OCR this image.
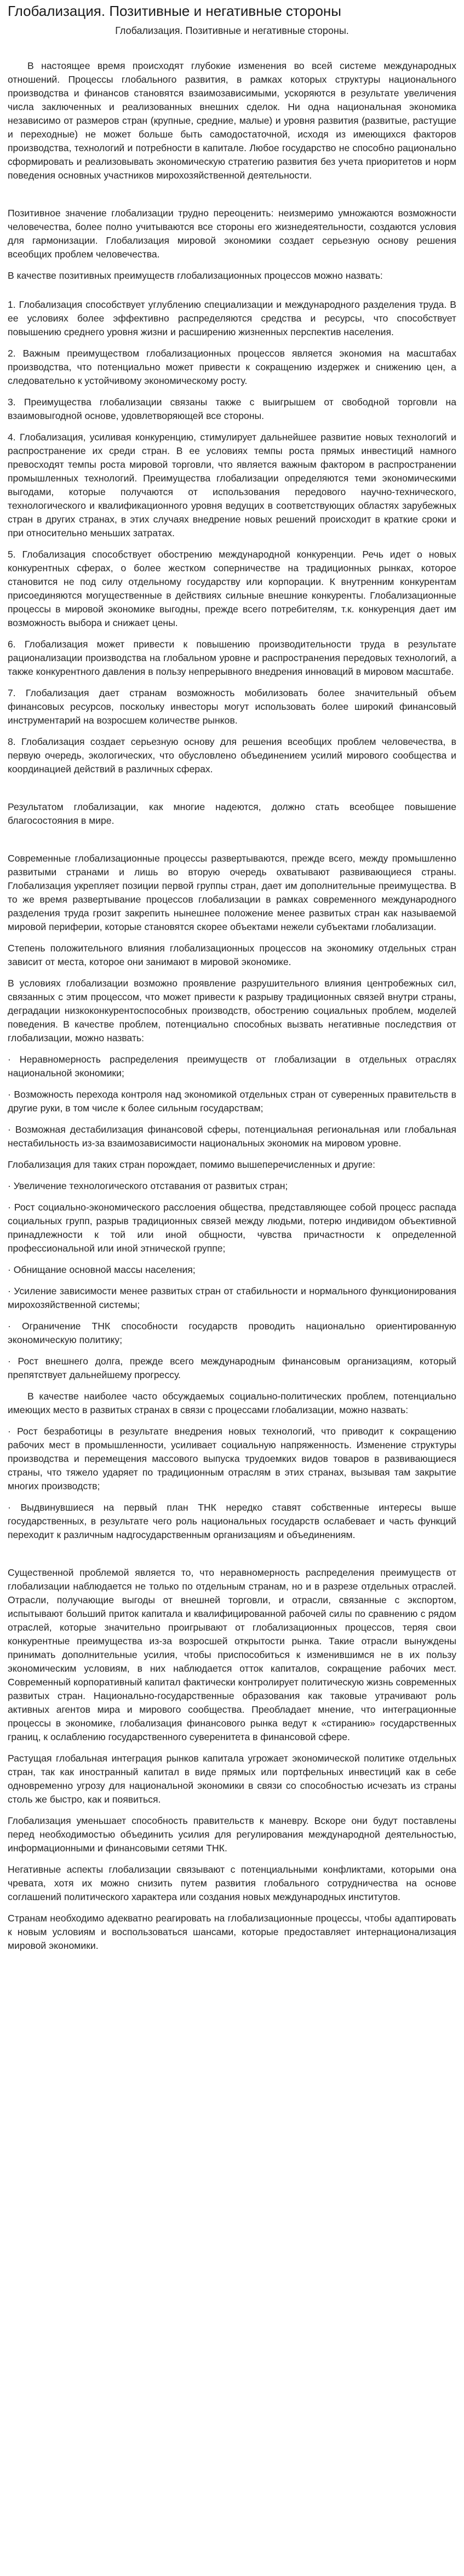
Глобализация. Позитивные и негативные стороны
Глобализация. Позитивные и негативные стороны.

В настоящее время происходят глубокие изменения во всей системе международных отношений. Процессы глобального развития, в рамках которых структуры национального производства и финансов становятся взаимозависимыми, ускоряются в результате увеличения числа заключенных и реализованных внешних сделок. Ни одна национальная экономика независимо от размеров стран (крупные, средние, малые) и уровня развития (развитые, растущие и переходные) не может больше быть самодостаточной, исходя из имеющихся факторов производства, технологий и потребности в капитале. Любое государство не способно рационально сформировать и реализовывать экономическую стратегию развития без учета приоритетов и норм поведения основных участников мирохозяйственной деятельности.

Позитивное значение глобализации трудно переоценить: неизмеримо умножаются возможности человечества, более полно учитываются все стороны его жизнедеятельности, создаются условия для гармонизации. Глобализация мировой экономики создает серьезную основу решения всеобщих проблем человечества.

В качестве позитивных преимуществ глобализационных процессов можно назвать:

1. Глобализация способствует углублению специализации и международного разделения труда. В ее условиях более эффективно распределяются средства и ресурсы, что способствует повышению среднего уровня жизни и расширению жизненных перспектив населения.

2. Важным преимуществом глобализационных процессов является экономия на масштабах производства, что потенциально может привести к сокращению издержек и снижению цен, а следовательно к устойчивому экономическому росту.

3. Преимущества глобализации связаны также с выигрышем от свободной торговли на взаимовыгодной основе, удовлетворяющей все стороны.

4. Глобализация, усиливая конкуренцию, стимулирует дальнейшее развитие новых технологий и распространение их среди стран. В ее условиях темпы роста прямых инвестиций намного превосходят темпы роста мировой торговли, что является важным фактором в распространении промышленных технологий. Преимущества глобализации определяются теми экономическими выгодами, которые получаются от использования передового научно-технического, технологического и квалификационного уровня ведущих в соответствующих областях зарубежных стран в других странах, в этих случаях внедрение новых решений происходит в краткие сроки и при относительно меньших затратах.

5. Глобализация способствует обострению международной конкуренции. Речь идет о новых конкурентных сферах, о более жестком соперничестве на традиционных рынках, которое становится не под силу отдельному государству или корпорации. К внутренним конкурентам присоединяются могущественные в действиях сильные внешние конкуренты. Глобализационные процессы в мировой экономике выгодны, прежде всего потребителям, т.к. конкуренция дает им возможность выбора и снижает цены.

6. Глобализация может привести к повышению производительности труда в результате рационализации производства на глобальном уровне и распространения передовых технологий, а также конкурентного давления в пользу непрерывного внедрения инноваций в мировом масштабе.

7. Глобализация дает странам возможность мобилизовать более значительный объем финансовых ресурсов, поскольку инвесторы могут использовать более широкий финансовый инструментарий на возросшем количестве рынков.

8. Глобализация создает серьезную основу для решения всеобщих проблем человечества, в первую очередь, экологических, что обусловлено объединением усилий мирового сообщества и координацией действий в различных сферах.

Результатом глобализации, как многие надеются, должно стать всеобщее повышение благосостояния в мире.

Современные глобализационные процессы развертываются, прежде всего, между промышленно развитыми странами и лишь во вторую очередь охватывают развивающиеся страны. Глобализация укрепляет позиции первой группы стран, дает им дополнительные преимущества. В то же время развертывание процессов глобализации в рамках современного международного разделения труда грозит закрепить нынешнее положение менее развитых стран как называемой мировой периферии, которые становятся скорее объектами нежели субъектами глобализации.

Степень положительного влияния глобализационных процессов на экономику отдельных стран зависит от места, которое они занимают в мировой экономике.

В условиях глобализации возможно проявление разрушительного влияния центробежных сил, связанных с этим процессом, что может привести к разрыву традиционных связей внутри страны, деградации низкоконкурентоспособных производств, обострению социальных проблем, моделей поведения. В качестве проблем, потенциально способных вызвать негативные последствия от глобализации, можно назвать:

· Неравномерность распределения преимуществ от глобализации в отдельных отраслях национальной экономики;

· Возможность перехода контроля над экономикой отдельных стран от суверенных правительств в другие руки, в том числе к более сильным государствам;

· Возможная дестабилизация финансовой сферы, потенциальная региональная или глобальная нестабильность из-за взаимозависимости национальных экономик на мировом уровне.

Глобализация для таких стран порождает, помимо вышеперечисленных и другие:

· Увеличение технологического отставания от развитых стран;

· Рост социально-экономического расслоения общества, представляющее собой процесс распада социальных групп, разрыв традиционных связей между людьми, потерю индивидом объективной принадлежности к той или иной общности, чувства причастности к определенной профессиональной или иной этнической группе;

· Обнищание основной массы населения;

· Усиление зависимости менее развитых стран от стабильности и нормального функционирования мирохозяйственной системы;

· Ограничение ТНК способности государств проводить национально ориентированную экономическую политику;

· Рост внешнего долга, прежде всего международным финансовым организациям, который препятствует дальнейшему прогрессу.

В качестве наиболее часто обсуждаемых социально-политических проблем, потенциально имеющих место в развитых странах в связи с процессами глобализации, можно назвать:

· Рост безработицы в результате внедрения новых технологий, что приводит к сокращению рабочих мест в промышленности, усиливает социальную напряженность. Изменение структуры производства и перемещения массового выпуска трудоемких видов товаров в развивающиеся страны, что тяжело ударяет по традиционным отраслям в этих странах, вызывая там закрытие многих производств;

· Выдвинувшиеся на первый план ТНК нередко ставят собственные интересы выше государственных, в результате чего роль национальных государств ослабевает и часть функций переходит к различным надгосударственным организациям и объединениям.

Существенной проблемой является то, что неравномерность распределения преимуществ от глобализации наблюдается не только по отдельным странам, но и в разрезе отдельных отраслей. Отрасли, получающие выгоды от внешней торговли, и отрасли, связанные с экспортом, испытывают больший приток капитала и квалифицированной рабочей силы по сравнению с рядом отраслей, которые значительно проигрывают от глобализационных процессов, теряя свои конкурентные преимущества из-за возросшей открытости рынка. Такие отрасли вынуждены принимать дополнительные усилия, чтобы приспособиться к изменившимся не в их пользу экономическим условиям, в них наблюдается отток капиталов, сокращение рабочих мест. Современный корпоративный капитал фактически контролирует политическую жизнь современных развитых стран. Национально-государственные образования как таковые утрачивают роль активных агентов мира и мирового сообщества. Преобладает мнение, что интеграционные процессы в экономике, глобализация финансового рынка ведут к «стиранию» государственных границ, к ослаблению государственного суверенитета в финансовой сфере.

Растущая глобальная интеграция рынков капитала угрожает экономической политике отдельных стран, так как иностранный капитал в виде прямых или портфельных инвестиций как в себе одновременно угрозу для национальной экономики в связи со способностью исчезать из страны столь же быстро, как и появиться.

Глобализация уменьшает способность правительств к маневру. Вскоре они будут поставлены перед необходимостью объединить усилия для регулирования международной деятельностью, информационными и финансовыми сетями ТНК.

Негативные аспекты глобализации связывают с потенциальными конфликтами, которыми она чревата, хотя их можно снизить путем развития глобального сотрудничества на основе соглашений политического характера или создания новых международных институтов.

Странам необходимо адекватно реагировать на глобализационные процессы, чтобы адаптировать к новым условиям и воспользоваться шансами, которые предоставляет интернационализация мировой экономики.
